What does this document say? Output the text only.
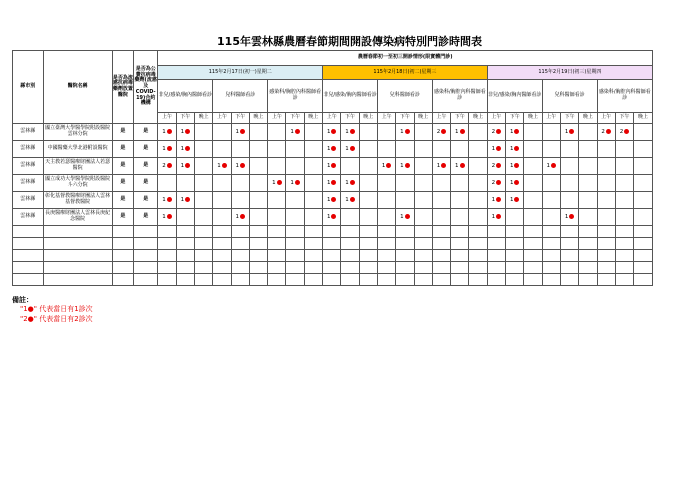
115年雲林縣農曆春節期間開設傳染病特別門診時間表
縣市別	醫院名稱	是否為流感抗病毒藥劑放置醫院	是否為公費抗病毒藥劑(流感及COVID-19)合約機構	農曆春節初一至初三開診情形(限實體門診)																										
				115年2月17日(初一)星期二									115年2月18日(初二)星期三									115年2月19日(初三)星期四								
				非兒/感染/胸內醫師看診			兒科醫師看診			感染科/胸腔內科醫師看診			非兒/感染/胸內醫師看診			兒科醫師看診			感染科/胸腔內科醫師看診			非兒/感染/胸內醫師看診			兒科醫師看診			感染科/胸腔內科醫師看診		
				上午	下午	晚上	上午	下午	晚上	上午	下午	晚上	上午	下午	晚上	上午	下午	晚上	上午	下午	晚上	上午	下午	晚上	上午	下午	晚上	上午	下午	晚上
雲林縣	國立臺灣大學醫學院附設醫院雲林分院	是	是	1	1			1			1		1	1			1		2	1		2	1			1		2	2	
雲林縣	中國醫藥大學北港附設醫院	是	是	1	1								1	1								1	1							
雲林縣	天主教若瑟醫療財團法人若瑟醫院	是	是	2	1		1	1					1			1	1		1	1		2	1		1					
雲林縣	國立成功大學醫學院附設醫院斗六分院	是	是							1	1		1	1								2	1							
雲林縣	彰化基督教醫療財團法人雲林基督教醫院	是	是	1	1								1	1								1	1							
雲林縣	長庚醫療財團法人雲林長庚紀念醫院	是	是	1				1					1				1					1				1				

備註：
"1●" 代表當日有1診次
"2●" 代表當日有2診次
